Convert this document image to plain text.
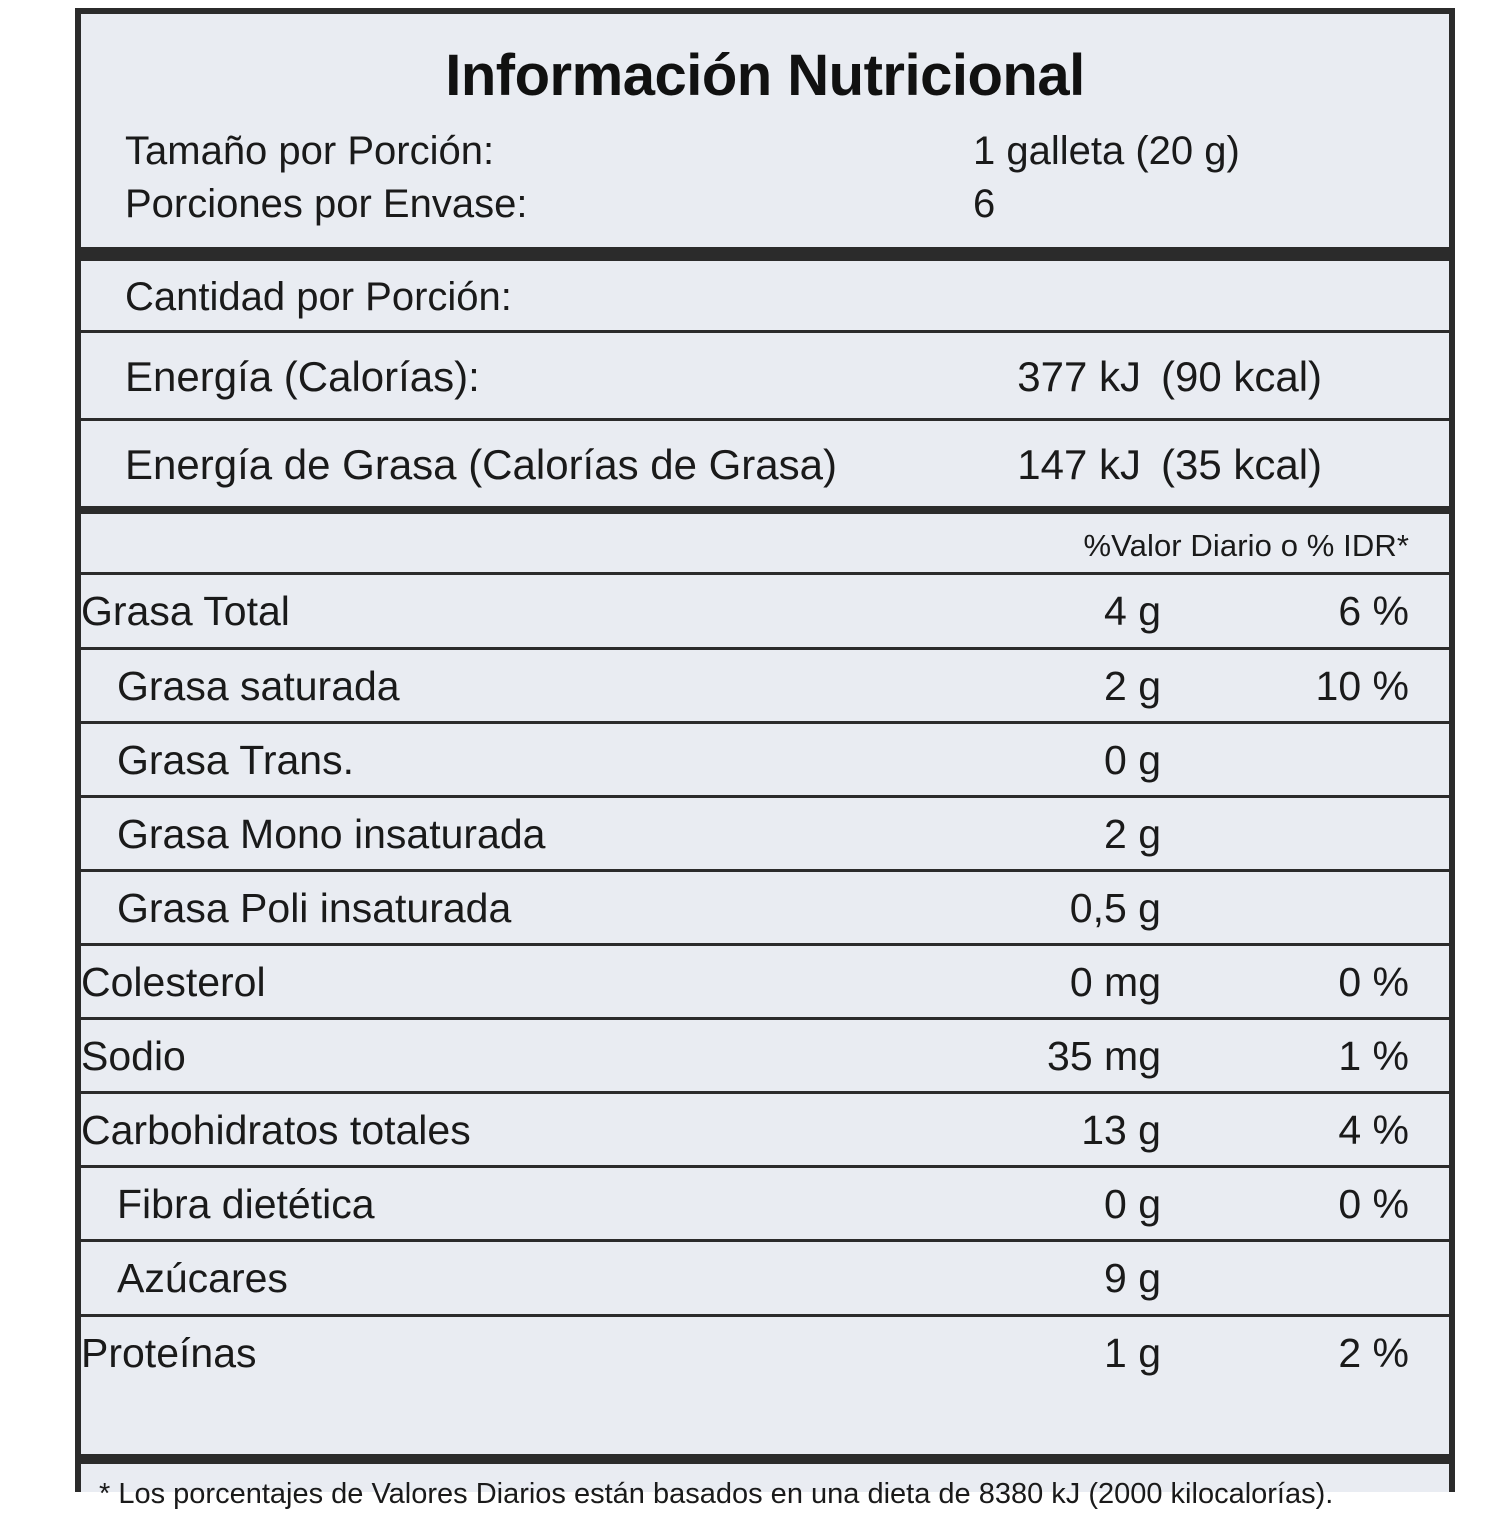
Información Nutricional
Tamaño por Porción:	1 galleta (20 g)
Porciones por Envase:	6
Cantidad por Porción:
Energía (Calorías):	377 kJ (90 kcal)
Energía de Grasa (Calorías de Grasa)	147 kJ (35 kcal)
%Valor Diario o % IDR*
Grasa Total	4 g	6 %
Grasa saturada	2 g	10 %
Grasa Trans.	0 g
Grasa Mono insaturada	2 g
Grasa Poli insaturada	0,5 g
Colesterol	0 mg	0 %
Sodio	35 mg	1 %
Carbohidratos totales	13 g	4 %
Fibra dietética	0 g	0 %
Azúcares	9 g
Proteínas	1 g	2 %
* Los porcentajes de Valores Diarios están basados en una dieta de 8380 kJ (2000 kilocalorías).
